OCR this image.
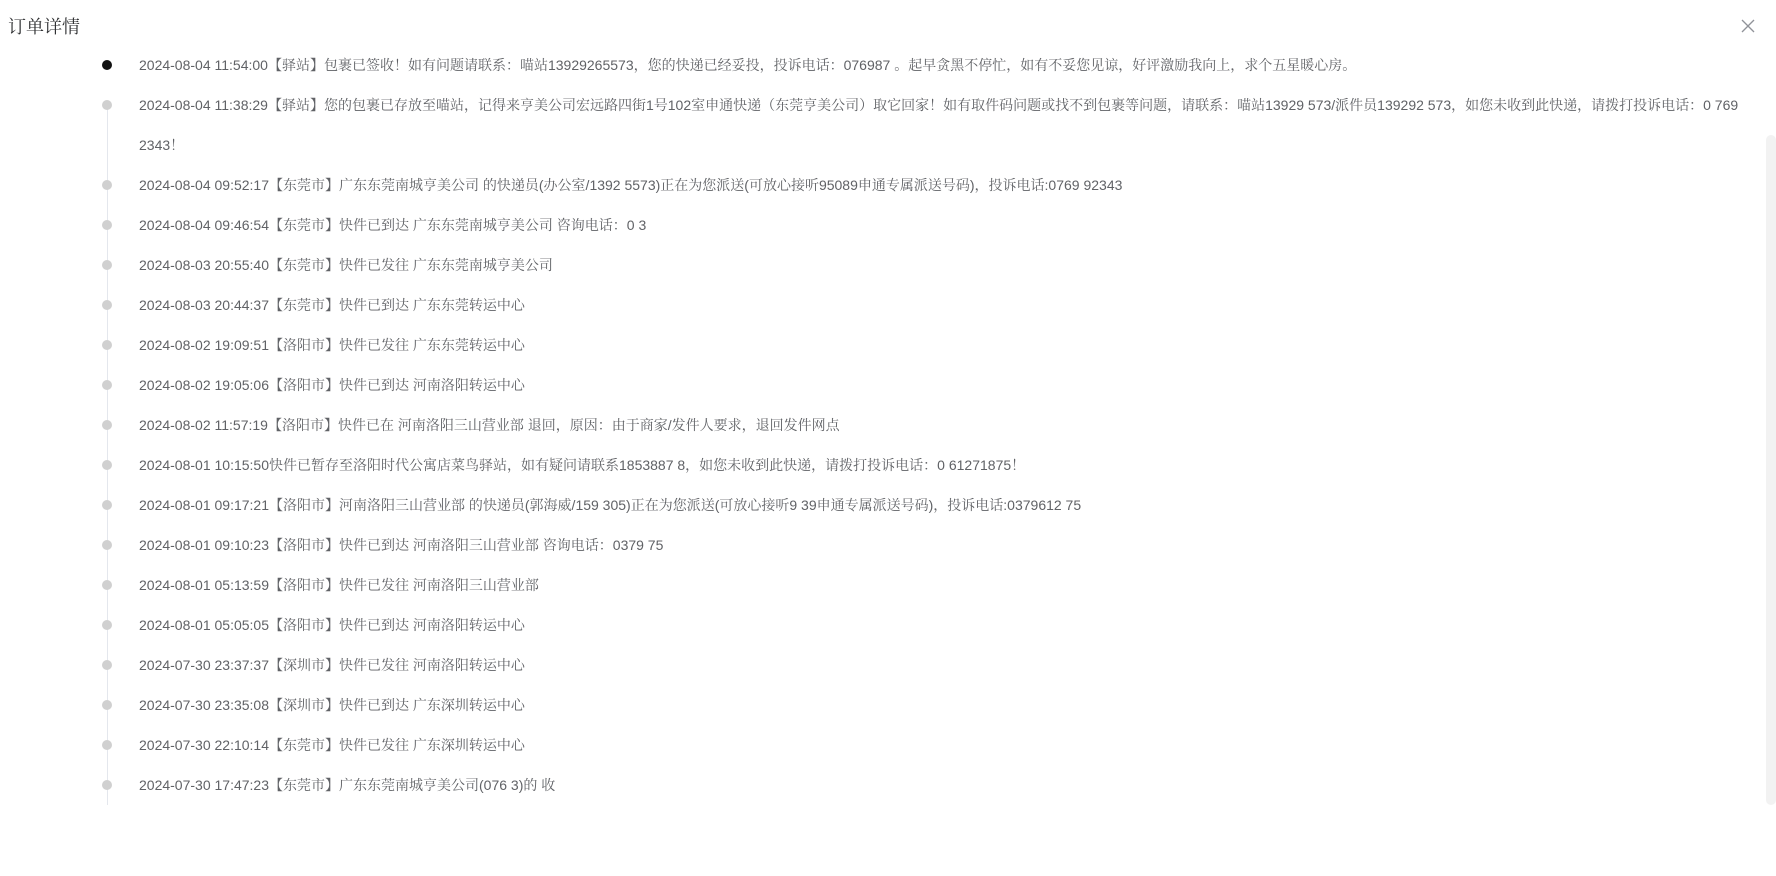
订单详情
2024-08-04 11:54:00【驿站】包裹已签收！如有问题请联系：喵站13929265573，您的快递已经妥投，投诉电话：076987 。起早贪黑不停忙，如有不妥您见谅，好评激励我向上，求个五星暖心房。
2024-08-04 11:38:29【驿站】您的包裹已存放至喵站，记得来亨美公司宏远路四街1号102室申通快递（东莞亨美公司）取它回家！如有取件码问题或找不到包裹等问题，请联系：喵站13929 573/派件员139292 573，如您未收到此快递，请拨打投诉电话：0 7692343！
2024-08-04 09:52:17【东莞市】广东东莞南城亨美公司 的快递员(办公室/1392 5573)正在为您派送(可放心接听95089申通专属派送号码)，投诉电话:0769 92343
2024-08-04 09:46:54【东莞市】快件已到达 广东东莞南城亨美公司 咨询电话：0 3
2024-08-03 20:55:40【东莞市】快件已发往 广东东莞南城亨美公司
2024-08-03 20:44:37【东莞市】快件已到达 广东东莞转运中心
2024-08-02 19:09:51【洛阳市】快件已发往 广东东莞转运中心
2024-08-02 19:05:06【洛阳市】快件已到达 河南洛阳转运中心
2024-08-02 11:57:19【洛阳市】快件已在 河南洛阳三山营业部 退回，原因：由于商家/发件人要求，退回发件网点
2024-08-01 10:15:50快件已暂存至洛阳时代公寓店菜鸟驿站，如有疑问请联系1853887 8，如您未收到此快递，请拨打投诉电话：0 61271875！
2024-08-01 09:17:21【洛阳市】河南洛阳三山营业部 的快递员(郭海威/159 305)正在为您派送(可放心接听9 39申通专属派送号码)，投诉电话:0379612 75
2024-08-01 09:10:23【洛阳市】快件已到达 河南洛阳三山营业部 咨询电话：0379 75
2024-08-01 05:13:59【洛阳市】快件已发往 河南洛阳三山营业部
2024-08-01 05:05:05【洛阳市】快件已到达 河南洛阳转运中心
2024-07-30 23:37:37【深圳市】快件已发往 河南洛阳转运中心
2024-07-30 23:35:08【深圳市】快件已到达 广东深圳转运中心
2024-07-30 22:10:14【东莞市】快件已发往 广东深圳转运中心
2024-07-30 17:47:23【东莞市】广东东莞南城亨美公司(076 3)的 收
